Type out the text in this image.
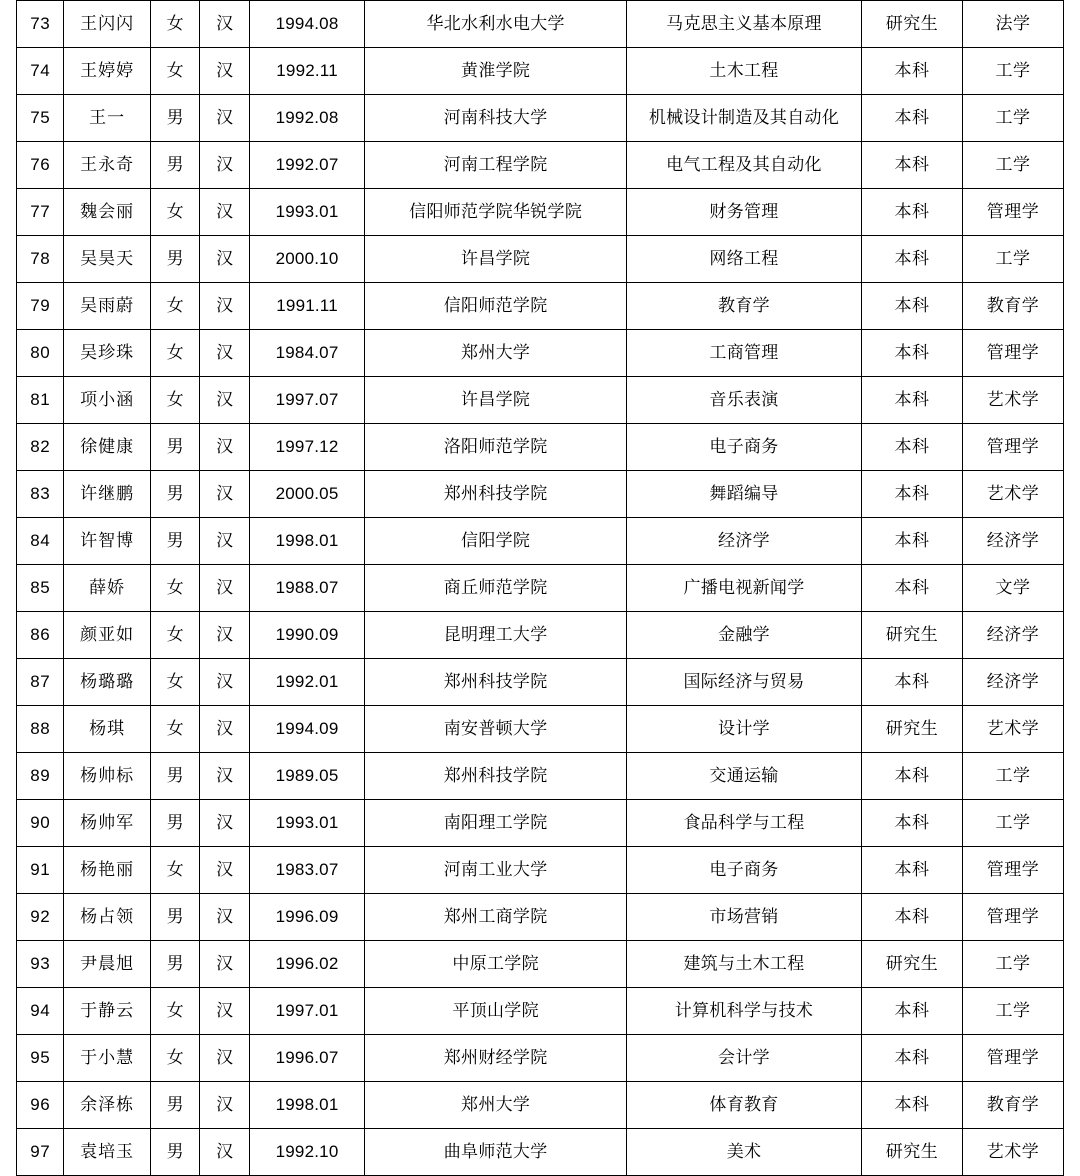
73	王闪闪	女	汉	1994.08	华北水利水电大学	马克思主义基本原理	研究生	法学
74	王婷婷	女	汉	1992.11	黄淮学院	土木工程	本科	工学
75	王一	男	汉	1992.08	河南科技大学	机械设计制造及其自动化	本科	工学
76	王永奇	男	汉	1992.07	河南工程学院	电气工程及其自动化	本科	工学
77	魏会丽	女	汉	1993.01	信阳师范学院华锐学院	财务管理	本科	管理学
78	吴昊天	男	汉	2000.10	许昌学院	网络工程	本科	工学
79	吴雨蔚	女	汉	1991.11	信阳师范学院	教育学	本科	教育学
80	吴珍珠	女	汉	1984.07	郑州大学	工商管理	本科	管理学
81	项小涵	女	汉	1997.07	许昌学院	音乐表演	本科	艺术学
82	徐健康	男	汉	1997.12	洛阳师范学院	电子商务	本科	管理学
83	许继鹏	男	汉	2000.05	郑州科技学院	舞蹈编导	本科	艺术学
84	许智博	男	汉	1998.01	信阳学院	经济学	本科	经济学
85	薛娇	女	汉	1988.07	商丘师范学院	广播电视新闻学	本科	文学
86	颜亚如	女	汉	1990.09	昆明理工大学	金融学	研究生	经济学
87	杨璐璐	女	汉	1992.01	郑州科技学院	国际经济与贸易	本科	经济学
88	杨琪	女	汉	1994.09	南安普顿大学	设计学	研究生	艺术学
89	杨帅标	男	汉	1989.05	郑州科技学院	交通运输	本科	工学
90	杨帅军	男	汉	1993.01	南阳理工学院	食品科学与工程	本科	工学
91	杨艳丽	女	汉	1983.07	河南工业大学	电子商务	本科	管理学
92	杨占领	男	汉	1996.09	郑州工商学院	市场营销	本科	管理学
93	尹晨旭	男	汉	1996.02	中原工学院	建筑与土木工程	研究生	工学
94	于静云	女	汉	1997.01	平顶山学院	计算机科学与技术	本科	工学
95	于小慧	女	汉	1996.07	郑州财经学院	会计学	本科	管理学
96	余泽栋	男	汉	1998.01	郑州大学	体育教育	本科	教育学
97	袁培玉	男	汉	1992.10	曲阜师范大学	美术	研究生	艺术学
